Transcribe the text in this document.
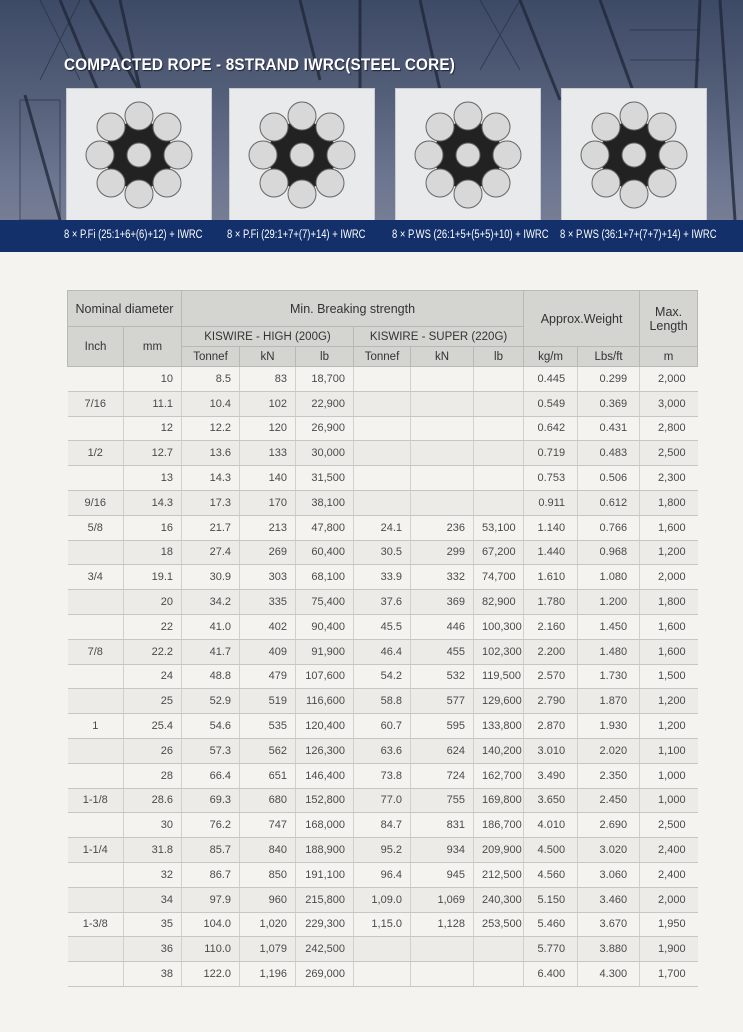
COMPACTED ROPE - 8STRAND IWRC(STEEL CORE)
8 × P.Fi (25:1+6+(6)+12) + IWRC 8 × P.Fi (29:1+7+(7)+14) + IWRC 8 × P.WS (26:1+5+(5+5)+10) + IWRC 8 × P.WS (36:1+7+(7+7)+14) + IWRC
Nominal diameter		Min. Breaking strength						Approx.Weight		Max. Length
Inch	mm	KISWIRE - HIGH (200G)			KISWIRE - SUPER (220G)					
		Tonnef	kN	lb	Tonnef	kN	lb	kg/m	Lbs/ft	m
	10	8.5	83	18,700				0.445	0.299	2,000
7/16	11.1	10.4	102	22,900				0.549	0.369	3,000
	12	12.2	120	26,900				0.642	0.431	2,800
1/2	12.7	13.6	133	30,000				0.719	0.483	2,500
	13	14.3	140	31,500				0.753	0.506	2,300
9/16	14.3	17.3	170	38,100				0.911	0.612	1,800
5/8	16	21.7	213	47,800	24.1	236	53,100	1.140	0.766	1,600
	18	27.4	269	60,400	30.5	299	67,200	1.440	0.968	1,200
3/4	19.1	30.9	303	68,100	33.9	332	74,700	1.610	1.080	2,000
	20	34.2	335	75,400	37.6	369	82,900	1.780	1.200	1,800
	22	41.0	402	90,400	45.5	446	100,300	2.160	1.450	1,600
7/8	22.2	41.7	409	91,900	46.4	455	102,300	2.200	1.480	1,600
	24	48.8	479	107,600	54.2	532	119,500	2.570	1.730	1,500
	25	52.9	519	116,600	58.8	577	129,600	2.790	1.870	1,200
1	25.4	54.6	535	120,400	60.7	595	133,800	2.870	1.930	1,200
	26	57.3	562	126,300	63.6	624	140,200	3.010	2.020	1,100
	28	66.4	651	146,400	73.8	724	162,700	3.490	2.350	1,000
1-1/8	28.6	69.3	680	152,800	77.0	755	169,800	3.650	2.450	1,000
	30	76.2	747	168,000	84.7	831	186,700	4.010	2.690	2,500
1-1/4	31.8	85.7	840	188,900	95.2	934	209,900	4.500	3.020	2,400
	32	86.7	850	191,100	96.4	945	212,500	4.560	3.060	2,400
	34	97.9	960	215,800	1,09.0	1,069	240,300	5.150	3.460	2,000
1-3/8	35	104.0	1,020	229,300	1,15.0	1,128	253,500	5.460	3.670	1,950
	36	110.0	1,079	242,500				5.770	3.880	1,900
	38	122.0	1,196	269,000				6.400	4.300	1,700
